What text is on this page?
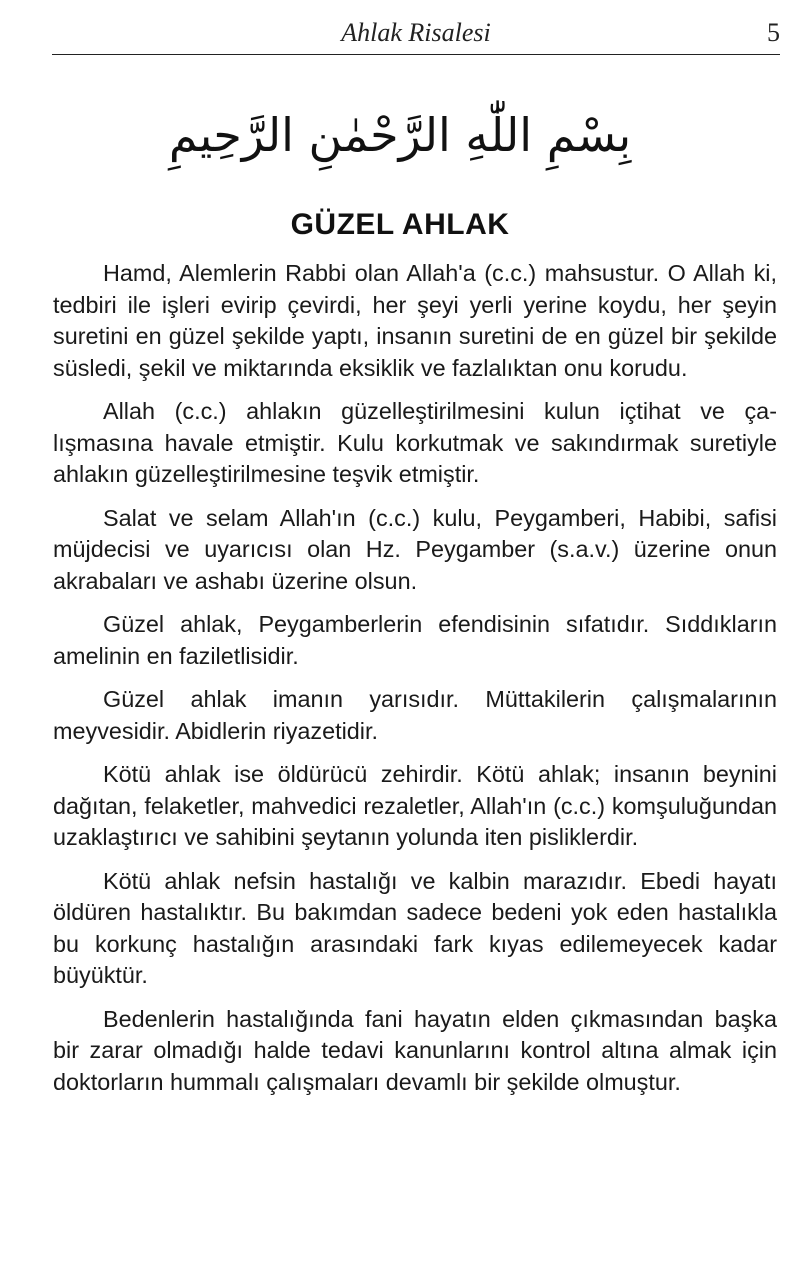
Ahlak Risalesi	5
بِسْمِ اللّٰهِ الرَّحْمٰنِ الرَّحِيمِ
GÜZEL AHLAK

Hamd, Alemlerin Rabbi olan Allah'a (c.c.) mahsustur. O Allah ki, tedbiri ile işleri evirip çevirdi, her şeyi yerli yerine koydu, her şeyin suretini en güzel şekilde yaptı, insanın suretini de en güzel bir şekilde süsledi, şekil ve miktarında eksiklik ve fazlalıktan onu korudu.

Allah (c.c.) ahlakın güzelleştirilmesini kulun içtihat ve çalışmasına havale etmiştir. Kulu korkutmak ve sakındırmak suretiyle ahlakın güzelleştirilmesine teşvik etmiştir.

Salat ve selam Allah'ın (c.c.) kulu, Peygamberi, Habibi, safisi müjdecisi ve uyarıcısı olan Hz. Peygamber (s.a.v.) üzerine onun akrabaları ve ashabı üzerine olsun.

Güzel ahlak, Peygamberlerin efendisinin sıfatıdır. Sıddıkların amelinin en faziletlisidir.

Güzel ahlak imanın yarısıdır. Müttakilerin çalışmalarının meyvesidir. Abidlerin riyazetidir.

Kötü ahlak ise öldürücü zehirdir. Kötü ahlak; insanın beynini dağıtan, felaketler, mahvedici rezaletler, Allah'ın (c.c.) komşuluğundan uzaklaştırıcı ve sahibini şeytanın yolunda iten pisliklerdir.

Kötü ahlak nefsin hastalığı ve kalbin marazıdır. Ebedi hayatı öldüren hastalıktır. Bu bakımdan sadece bedeni yok eden hastalıkla bu korkunç hastalığın arasındaki fark kıyas edilemeyecek kadar büyüktür.

Bedenlerin hastalığında fani hayatın elden çıkmasından başka bir zarar olmadığı halde tedavi kanunlarını kontrol altına almak için doktorların hummalı çalışmaları devamlı bir şekilde olmuştur.
